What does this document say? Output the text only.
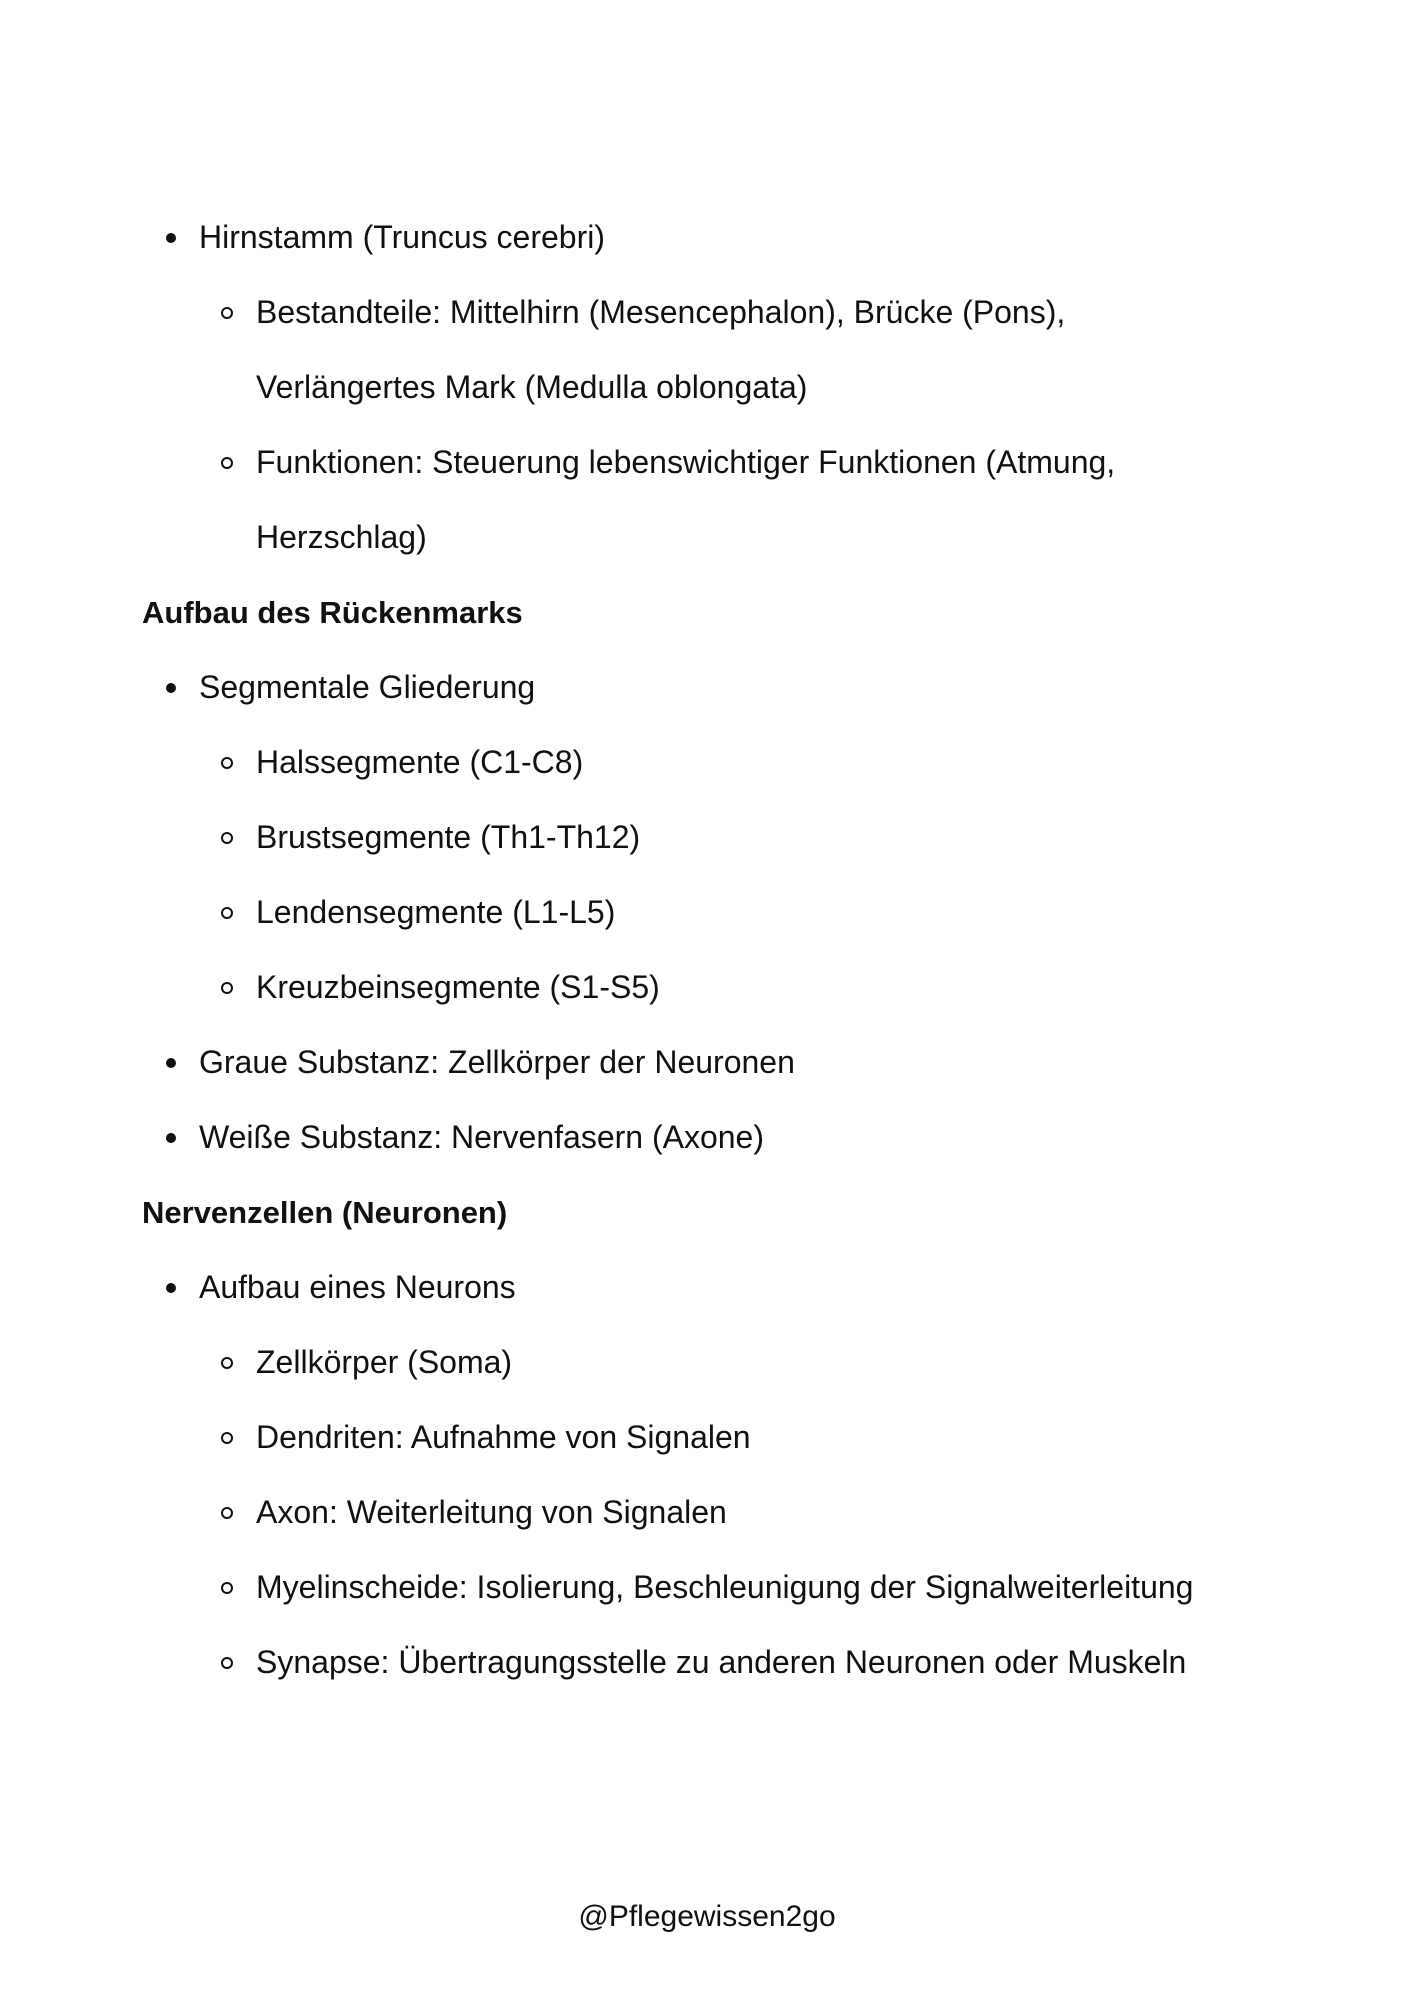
Hirnstamm (Truncus cerebri)
Bestandteile: Mittelhirn (Mesencephalon), Brücke (Pons),
Verlängertes Mark (Medulla oblongata)
Funktionen: Steuerung lebenswichtiger Funktionen (Atmung,
Herzschlag)
Aufbau des Rückenmarks
Segmentale Gliederung
Halssegmente (C1-C8)
Brustsegmente (Th1-Th12)
Lendensegmente (L1-L5)
Kreuzbeinsegmente (S1-S5)
Graue Substanz: Zellkörper der Neuronen
Weiße Substanz: Nervenfasern (Axone)
Nervenzellen (Neuronen)
Aufbau eines Neurons
Zellkörper (Soma)
Dendriten: Aufnahme von Signalen
Axon: Weiterleitung von Signalen
Myelinscheide: Isolierung, Beschleunigung der Signalweiterleitung
Synapse: Übertragungsstelle zu anderen Neuronen oder Muskeln
@Pflegewissen2go
